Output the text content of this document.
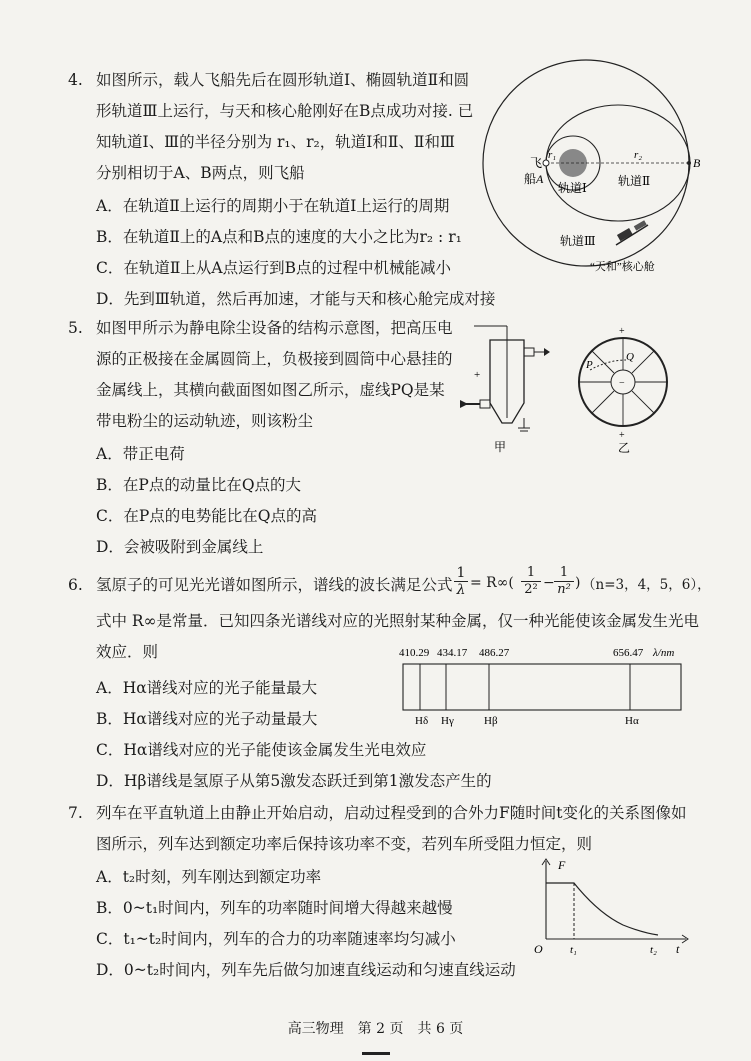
4. 如图所示，载人飞船先后在圆形轨道Ⅰ、椭圆轨道Ⅱ和圆
形轨道Ⅲ上运行，与天和核心舱刚好在B点成功对接. 已
知轨道Ⅰ、Ⅲ的半径分别为 r₁、r₂，轨道Ⅰ和Ⅱ、Ⅱ和Ⅲ
分别相切于A、B两点，则飞船
A．在轨道Ⅱ上运行的周期小于在轨道Ⅰ上运行的周期
B．在轨道Ⅱ上的A点和B点的速度的大小之比为r₂ : r₁
C．在轨道Ⅱ上从A点运行到B点的过程中机械能减小
D．先到Ⅲ轨道，然后再加速，才能与天和核心舱完成对接
r₁	r₂
飞
船 A
B
轨道Ⅰ	轨道Ⅱ
轨道Ⅲ
“天和”核心舱
5. 如图甲所示为静电除尘设备的结构示意图，把高压电
源的正极接在金属圆筒上，负极接到圆筒中心悬挂的
金属线上，其横向截面图如图乙所示，虚线PQ是某
带电粉尘的运动轨迹，则该粉尘
A．带正电荷
B．在P点的动量比在Q点的大
C．在P点的电势能比在Q点的高
D．会被吸附到金属线上
+
甲
+
−
P
Q
+
乙
6. 氢原子的可见光光谱如图所示，谱线的波长满足公式 $\frac{1}{\lambda} = R\infty( \frac{1}{\text{2²}} - \frac{1}{\text{n²}}$ ) （n=3，4，5，6），
式中 R∞是常量．已知四条光谱线对应的光照射某种金属，仅一种光能使该金属发生光电
效应．则
A．Hα谱线对应的光子能量最大
B．Hα谱线对应的光子动量最大
C．Hα谱线对应的光子能使该金属发生光电效应
D．Hβ谱线是氢原子从第5激发态跃迁到第1激发态产生的
410.29 434.17 486.27	656.47 λ/nm
Hδ Hγ	Hβ	Hα
7. 列车在平直轨道上由静止开始启动，启动过程受到的合外力F随时间t变化的关系图像如
图所示，列车达到额定功率后保持该功率不变，若列车所受阻力恒定，则
A．t₂时刻，列车刚达到额定功率
B．0~t₁时间内，列车的功率随时间增大得越来越慢
C．t₁~t₂时间内，列车的合力的功率随速率均匀减小
D．0~t₂时间内，列车先后做匀加速直线运动和匀速直线运动
F
t
O t₁	t₂
高三物理　第 2 页　共 6 页
